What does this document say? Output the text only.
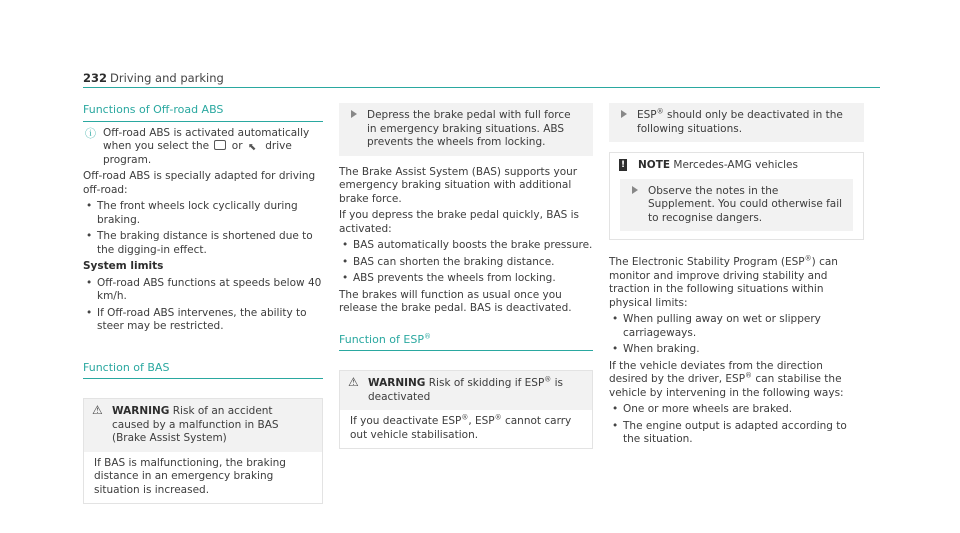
232 Driving and parking
Functions of Off-road ABS
ⓘ Off-road ABS is activated automatically when you select the or ⬉ drive program.

Off-road ABS is specially adapted for driving off-road:

• The front wheels lock cyclically during braking.
• The braking distance is shortened due to the digging-in effect.

System limits

• Off-road ABS functions at speeds below 40 km/h.
• If Off-road ABS intervenes, the ability to steer may be restricted.
Function of BAS
⚠ WARNING Risk of an accident caused by a malfunction in BAS (Brake Assist System)
If BAS is malfunctioning, the braking distance in an emergency braking situation is increased.
Depress the brake pedal with full force in emergency braking situations. ABS prevents the wheels from locking.

The Brake Assist System (BAS) supports your emergency braking situation with additional brake force.

If you depress the brake pedal quickly, BAS is activated:

• BAS automatically boosts the brake pressure.
• BAS can shorten the braking distance.
• ABS prevents the wheels from locking.

The brakes will function as usual once you release the brake pedal. BAS is deactivated.

Function of ESP®
⚠ WARNING Risk of skidding if ESP® is deactivated
If you deactivate ESP®, ESP® cannot carry out vehicle stabilisation.
ESP® should only be deactivated in the following situations.
! NOTE Mercedes-AMG vehicles
Observe the notes in the Supplement. You could otherwise fail to recognise dangers.

The Electronic Stability Program (ESP®) can monitor and improve driving stability and traction in the following situations within physical limits:

• When pulling away on wet or slippery carriageways.
• When braking.

If the vehicle deviates from the direction desired by the driver, ESP® can stabilise the vehicle by intervening in the following ways:

• One or more wheels are braked.
• The engine output is adapted according to the situation.
